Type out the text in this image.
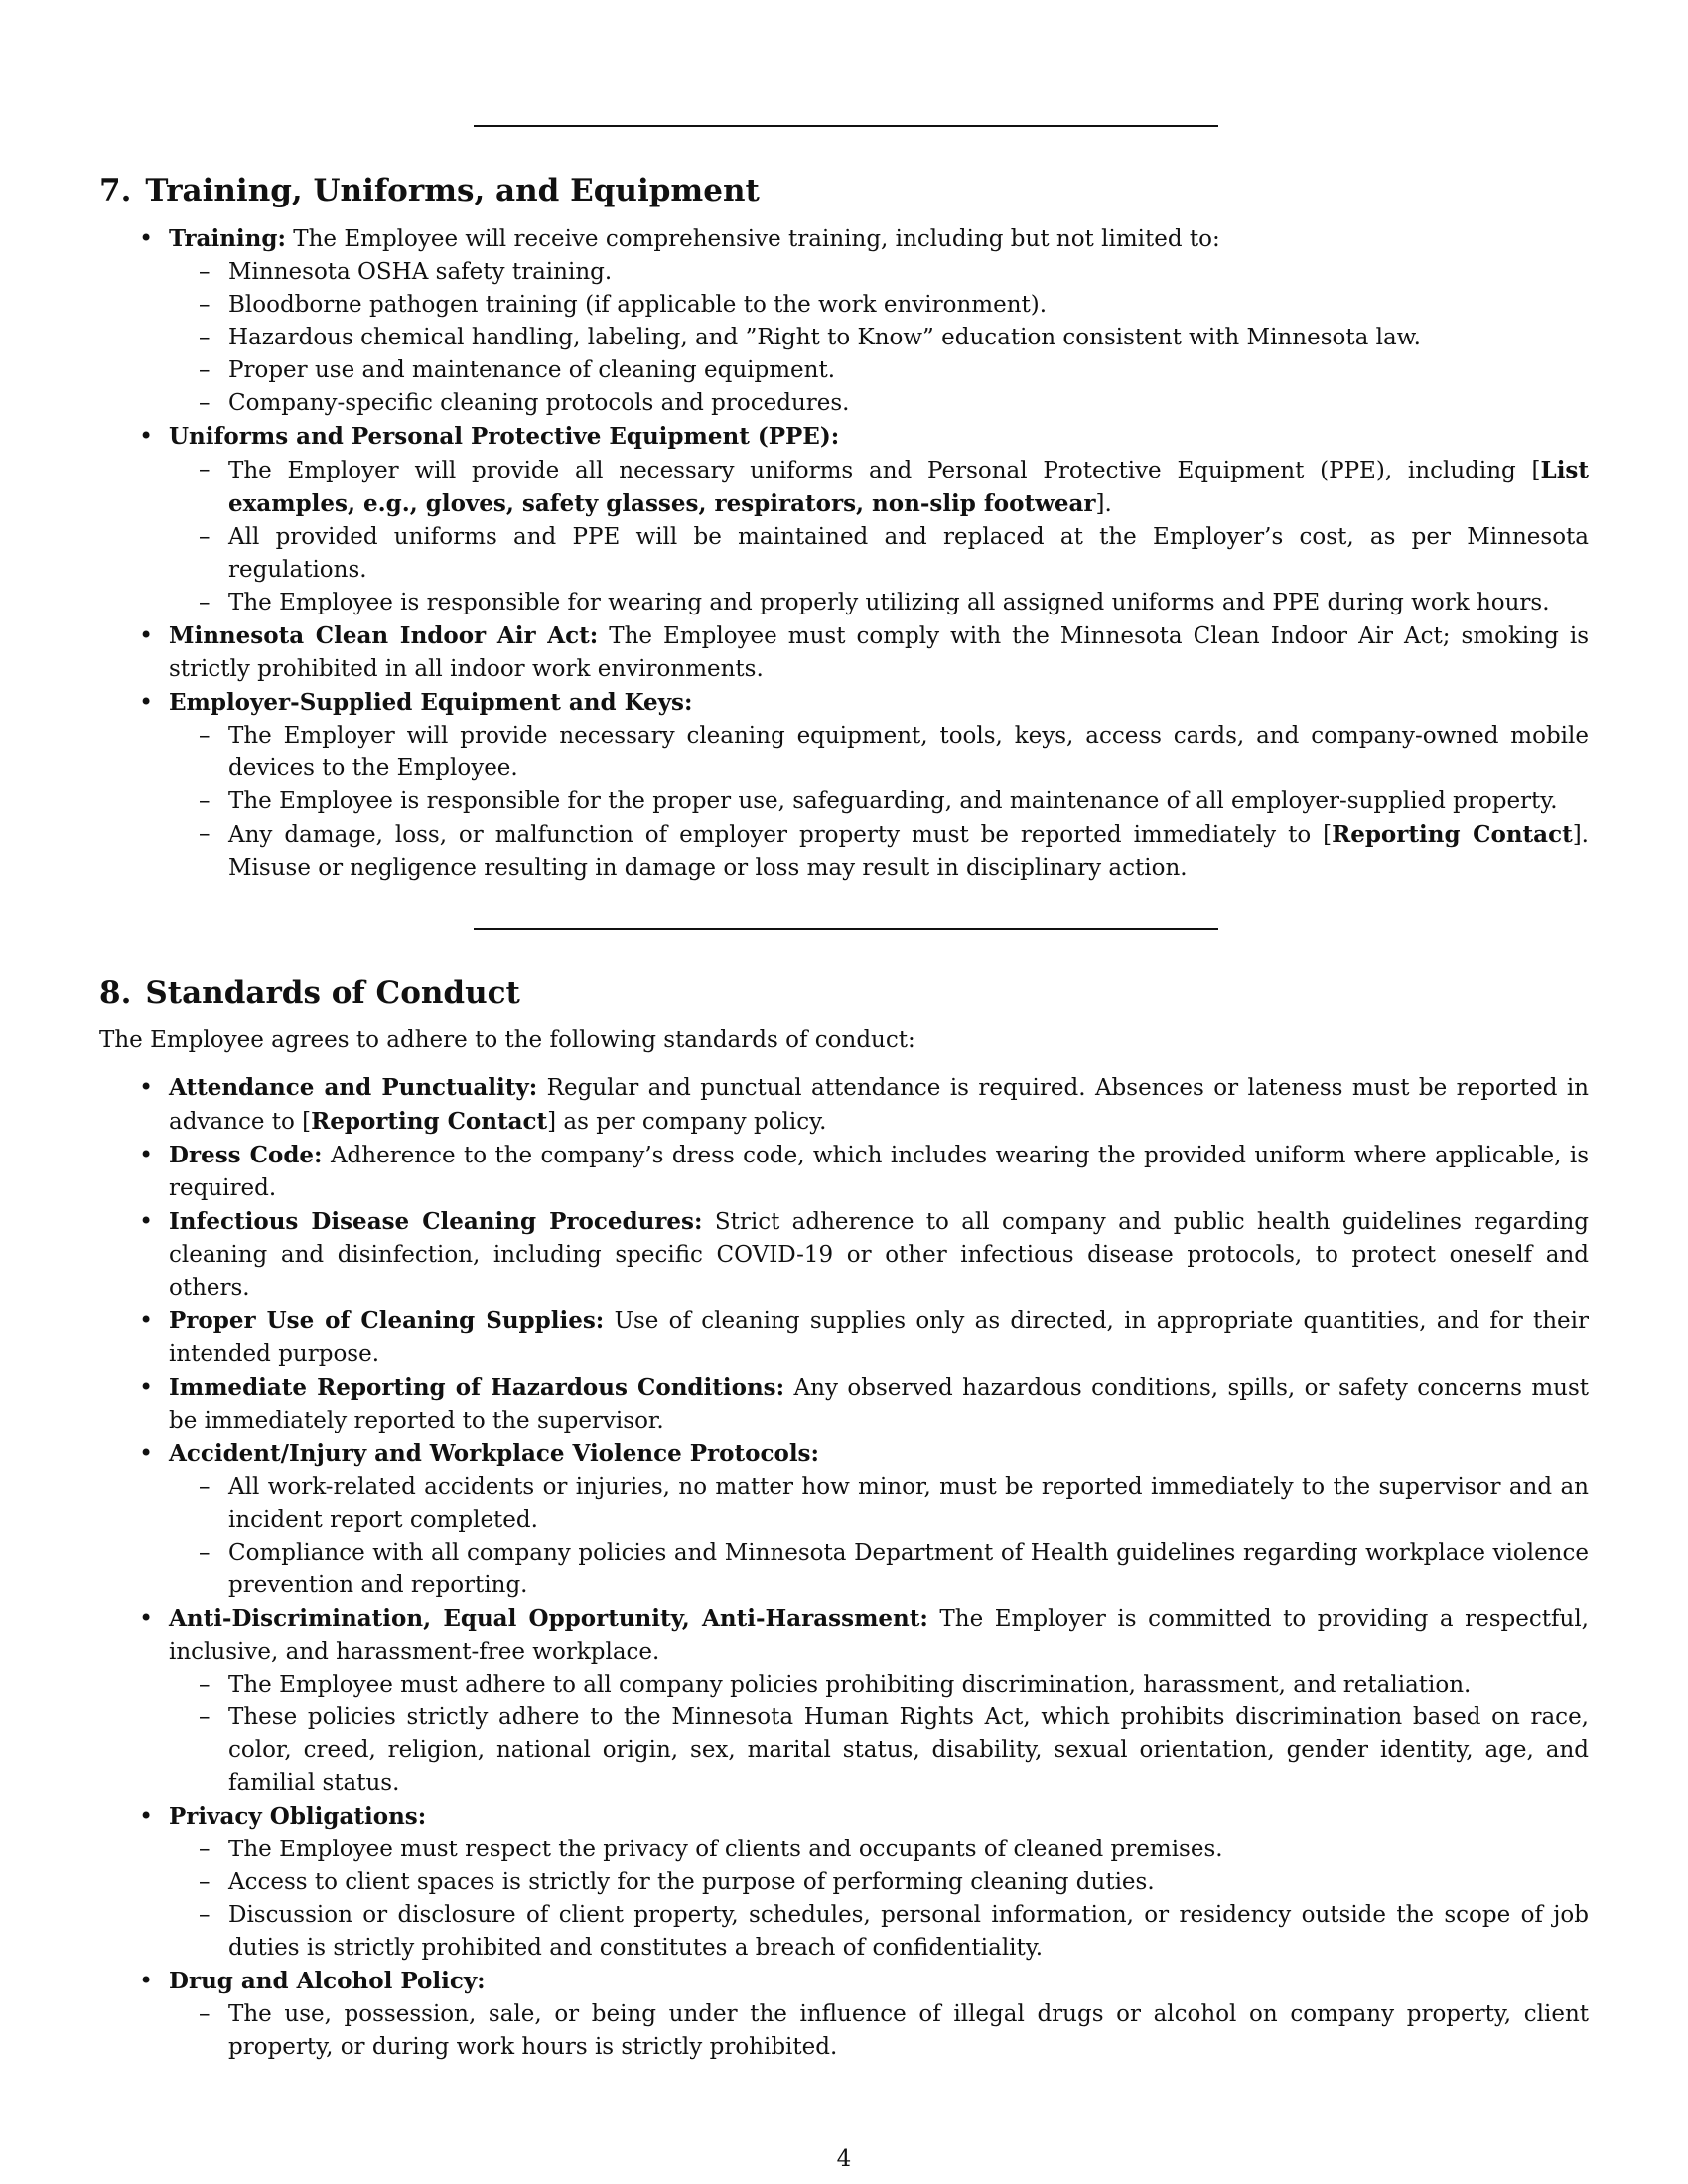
7. Training, Uniforms, and Equipment
• Training: The Employee will receive comprehensive training, including but not limited to:
– Minnesota OSHA safety training.
– Bloodborne pathogen training (if applicable to the work environment).
– Hazardous chemical handling, labeling, and ”Right to Know” education consistent with Minnesota law.
– Proper use and maintenance of cleaning equipment.
– Company-specific cleaning protocols and procedures.
• Uniforms and Personal Protective Equipment (PPE):
– The Employer will provide all necessary uniforms and Personal Protective Equipment (PPE), including [List examples, e.g., gloves, safety glasses, respirators, non-slip footwear].
– All provided uniforms and PPE will be maintained and replaced at the Employer’s cost, as per Minnesota regulations.
– The Employee is responsible for wearing and properly utilizing all assigned uniforms and PPE during work hours.
• Minnesota Clean Indoor Air Act: The Employee must comply with the Minnesota Clean Indoor Air Act; smoking is strictly prohibited in all indoor work environments.
• Employer-Supplied Equipment and Keys:
– The Employer will provide necessary cleaning equipment, tools, keys, access cards, and company-owned mobile devices to the Employee.
– The Employee is responsible for the proper use, safeguarding, and maintenance of all employer-supplied property.
– Any damage, loss, or malfunction of employer property must be reported immediately to [Reporting Contact]. Misuse or negligence resulting in damage or loss may result in disciplinary action.
8. Standards of Conduct

The Employee agrees to adhere to the following standards of conduct:

• Attendance and Punctuality: Regular and punctual attendance is required. Absences or lateness must be reported in advance to [Reporting Contact] as per company policy.
• Dress Code: Adherence to the company’s dress code, which includes wearing the provided uniform where applicable, is required.
• Infectious Disease Cleaning Procedures: Strict adherence to all company and public health guidelines regarding cleaning and disinfection, including specific COVID-19 or other infectious disease protocols, to protect oneself and others.
• Proper Use of Cleaning Supplies: Use of cleaning supplies only as directed, in appropriate quantities, and for their intended purpose.
• Immediate Reporting of Hazardous Conditions: Any observed hazardous conditions, spills, or safety concerns must be immediately reported to the supervisor.
• Accident/Injury and Workplace Violence Protocols:
– All work-related accidents or injuries, no matter how minor, must be reported immediately to the supervisor and an incident report completed.
– Compliance with all company policies and Minnesota Department of Health guidelines regarding workplace violence prevention and reporting.
• Anti-Discrimination, Equal Opportunity, Anti-Harassment: The Employer is committed to providing a respectful, inclusive, and harassment-free workplace.
– The Employee must adhere to all company policies prohibiting discrimination, harassment, and retaliation.
– These policies strictly adhere to the Minnesota Human Rights Act, which prohibits discrimination based on race, color, creed, religion, national origin, sex, marital status, disability, sexual orientation, gender identity, age, and familial status.
• Privacy Obligations:
– The Employee must respect the privacy of clients and occupants of cleaned premises.
– Access to client spaces is strictly for the purpose of performing cleaning duties.
– Discussion or disclosure of client property, schedules, personal information, or residency outside the scope of job duties is strictly prohibited and constitutes a breach of confidentiality.
• Drug and Alcohol Policy:
– The use, possession, sale, or being under the influence of illegal drugs or alcohol on company property, client property, or during work hours is strictly prohibited.
4
